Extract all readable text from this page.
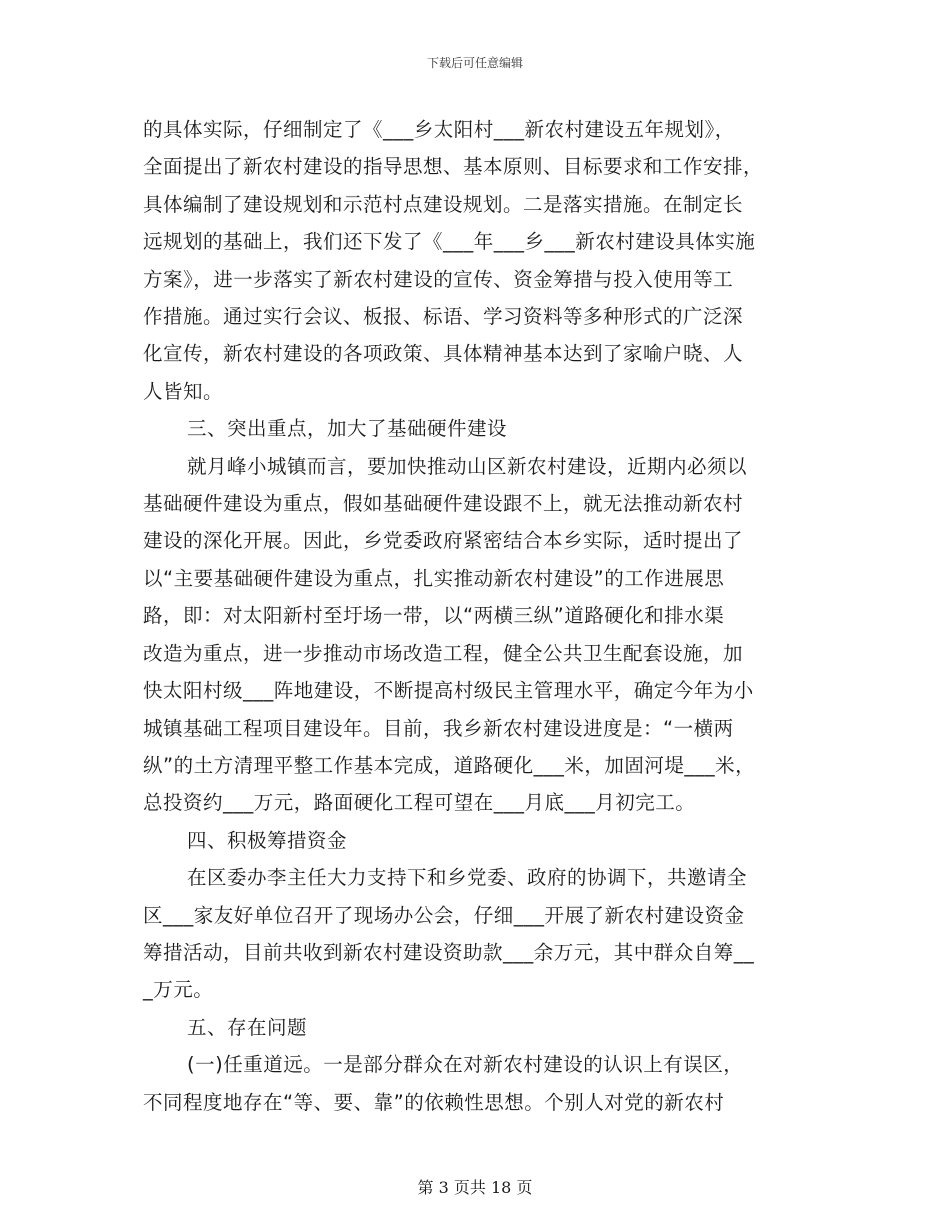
下载后可任意编辑

的具体实际，仔细制定了《___乡太阳村___新农村建设五年规划》，

全面提出了新农村建设的指导思想、基本原则、目标要求和工作安排，

具体编制了建设规划和示范村点建设规划。二是落实措施。在制定长

远规划的基础上，我们还下发了《___年___乡___新农村建设具体实施

方案》，进一步落实了新农村建设的宣传、资金筹措与投入使用等工

作措施。通过实行会议、板报、标语、学习资料等多种形式的广泛深

化宣传，新农村建设的各项政策、具体精神基本达到了家喻户晓、人

人皆知。

三、突出重点，加大了基础硬件建设

就月峰小城镇而言，要加快推动山区新农村建设，近期内必须以

基础硬件建设为重点，假如基础硬件建设跟不上，就无法推动新农村

建设的深化开展。因此，乡党委政府紧密结合本乡实际，适时提出了

以“主要基础硬件建设为重点，扎实推动新农村建设”的工作进展思

路，即：对太阳新村至圩场一带，以“两横三纵”道路硬化和排水渠

改造为重点，进一步推动市场改造工程，健全公共卫生配套设施，加

快太阳村级___阵地建设，不断提高村级民主管理水平，确定今年为小

城镇基础工程项目建设年。目前，我乡新农村建设进度是：“一横两

纵”的土方清理平整工作基本完成，道路硬化___米，加固河堤___米，

总投资约___万元，路面硬化工程可望在___月底___月初完工。

四、积极筹措资金

在区委办李主任大力支持下和乡党委、政府的协调下，共邀请全

区___家友好单位召开了现场办公会，仔细___开展了新农村建设资金

筹措活动，目前共收到新农村建设资助款___余万元，其中群众自筹__

_万元。

五、存在问题

(一)任重道远。一是部分群众在对新农村建设的认识上有误区，

不同程度地存在“等、要、靠”的依赖性思想。个别人对党的新农村

第 3 页共 18 页
